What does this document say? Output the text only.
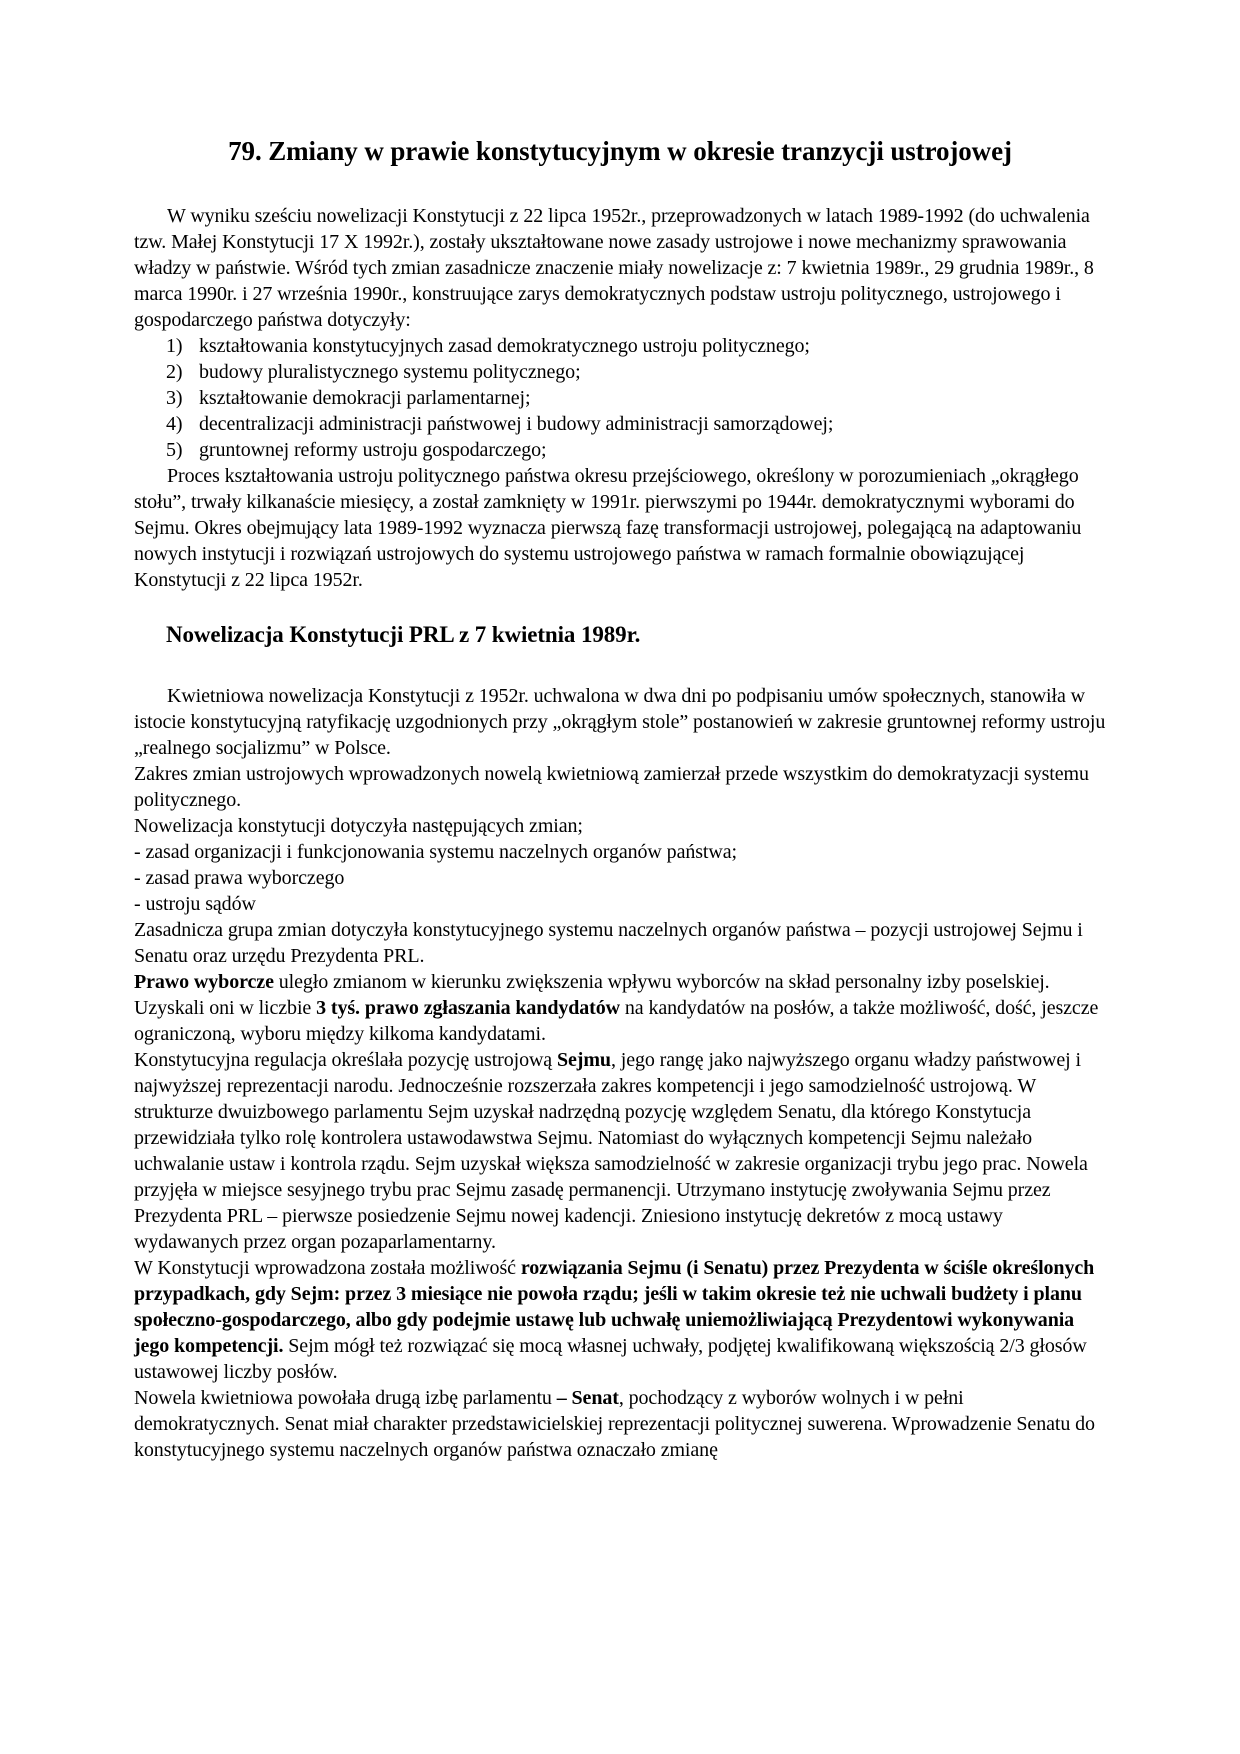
79. Zmiany w prawie konstytucyjnym w okresie tranzycji ustrojowej

W wyniku sześciu nowelizacji Konstytucji z 22 lipca 1952r., przeprowadzonych w latach 1989-1992 (do uchwalenia tzw. Małej Konstytucji 17 X 1992r.), zostały ukształtowane nowe zasady ustrojowe i nowe mechanizmy sprawowania władzy w państwie. Wśród tych zmian zasadnicze znaczenie miały nowelizacje z: 7 kwietnia 1989r., 29 grudnia 1989r., 8 marca 1990r. i 27 września 1990r., konstruujące zarys demokratycznych podstaw ustroju politycznego, ustrojowego i gospodarczego państwa dotyczyły:

1) kształtowania konstytucyjnych zasad demokratycznego ustroju politycznego;
2) budowy pluralistycznego systemu politycznego;
3) kształtowanie demokracji parlamentarnej;
4) decentralizacji administracji państwowej i budowy administracji samorządowej;
5) gruntownej reformy ustroju gospodarczego;

Proces kształtowania ustroju politycznego państwa okresu przejściowego, określony w porozumieniach „okrągłego stołu”, trwały kilkanaście miesięcy, a został zamknięty w 1991r. pierwszymi po 1944r. demokratycznymi wyborami do Sejmu. Okres obejmujący lata 1989-1992 wyznacza pierwszą fazę transformacji ustrojowej, polegającą na adaptowaniu nowych instytucji i rozwiązań ustrojowych do systemu ustrojowego państwa w ramach formalnie obowiązującej Konstytucji z 22 lipca 1952r.

Nowelizacja Konstytucji PRL z 7 kwietnia 1989r.

Kwietniowa nowelizacja Konstytucji z 1952r. uchwalona w dwa dni po podpisaniu umów społecznych, stanowiła w istocie konstytucyjną ratyfikację uzgodnionych przy „okrągłym stole” postanowień w zakresie gruntownej reformy ustroju „realnego socjalizmu” w Polsce.

Zakres zmian ustrojowych wprowadzonych nowelą kwietniową zamierzał przede wszystkim do demokratyzacji systemu politycznego.

Nowelizacja konstytucji dotyczyła następujących zmian;

- zasad organizacji i funkcjonowania systemu naczelnych organów państwa;

- zasad prawa wyborczego

- ustroju sądów

Zasadnicza grupa zmian dotyczyła konstytucyjnego systemu naczelnych organów państwa – pozycji ustrojowej Sejmu i Senatu oraz urzędu Prezydenta PRL.

Prawo wyborcze uległo zmianom w kierunku zwiększenia wpływu wyborców na skład personalny izby poselskiej. Uzyskali oni w liczbie 3 tyś. prawo zgłaszania kandydatów na kandydatów na posłów, a także możliwość, dość, jeszcze ograniczoną, wyboru między kilkoma kandydatami.

Konstytucyjna regulacja określała pozycję ustrojową Sejmu, jego rangę jako najwyższego organu władzy państwowej i najwyższej reprezentacji narodu. Jednocześnie rozszerzała zakres kompetencji i jego samodzielność ustrojową. W strukturze dwuizbowego parlamentu Sejm uzyskał nadrzędną pozycję względem Senatu, dla którego Konstytucja przewidziała tylko rolę kontrolera ustawodawstwa Sejmu. Natomiast do wyłącznych kompetencji Sejmu należało uchwalanie ustaw i kontrola rządu. Sejm uzyskał większa samodzielność w zakresie organizacji trybu jego prac. Nowela przyjęła w miejsce sesyjnego trybu prac Sejmu zasadę permanencji. Utrzymano instytucję zwoływania Sejmu przez Prezydenta PRL – pierwsze posiedzenie Sejmu nowej kadencji. Zniesiono instytucję dekretów z mocą ustawy wydawanych przez organ pozaparlamentarny.

W Konstytucji wprowadzona została możliwość rozwiązania Sejmu (i Senatu) przez Prezydenta w ściśle określonych przypadkach, gdy Sejm: przez 3 miesiące nie powoła rządu; jeśli w takim okresie też nie uchwali budżety i planu społeczno-gospodarczego, albo gdy podejmie ustawę lub uchwałę uniemożliwiającą Prezydentowi wykonywania jego kompetencji. Sejm mógł też rozwiązać się mocą własnej uchwały, podjętej kwalifikowaną większością 2/3 głosów ustawowej liczby posłów.

Nowela kwietniowa powołała drugą izbę parlamentu – Senat, pochodzący z wyborów wolnych i w pełni demokratycznych. Senat miał charakter przedstawicielskiej reprezentacji politycznej suwerena. Wprowadzenie Senatu do konstytucyjnego systemu naczelnych organów państwa oznaczało zmianę
